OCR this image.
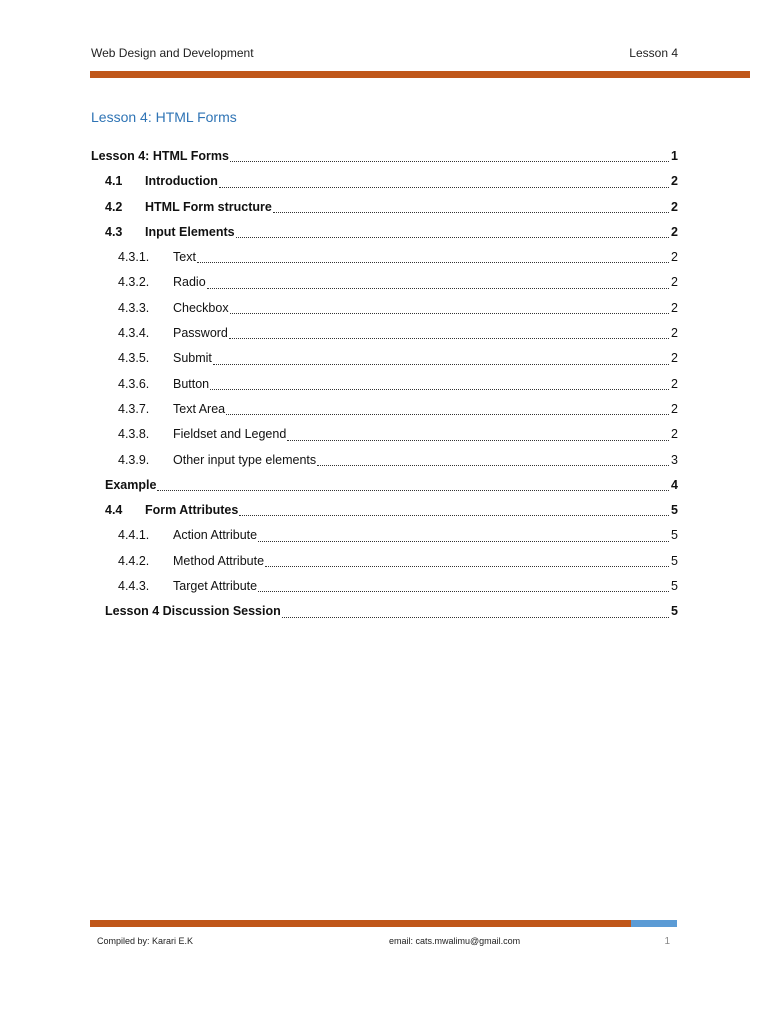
Web Design and Development	Lesson 4
Lesson 4: HTML Forms
Lesson 4: HTML Forms	1
4.1	Introduction	2
4.2	HTML Form structure	2
4.3	Input Elements	2
4.3.1.	Text	2
4.3.2.	Radio	2
4.3.3.	Checkbox	2
4.3.4.	Password	2
4.3.5.	Submit	2
4.3.6.	Button	2
4.3.7.	Text Area	2
4.3.8.	Fieldset and Legend	2
4.3.9.	Other input type elements	3
Example	4
4.4	Form Attributes	5
4.4.1.	Action Attribute	5
4.4.2.	Method Attribute	5
4.4.3.	Target Attribute	5
Lesson 4 Discussion Session	5
Compiled by: Karari E.K	email: cats.mwalimu@gmail.com	1
